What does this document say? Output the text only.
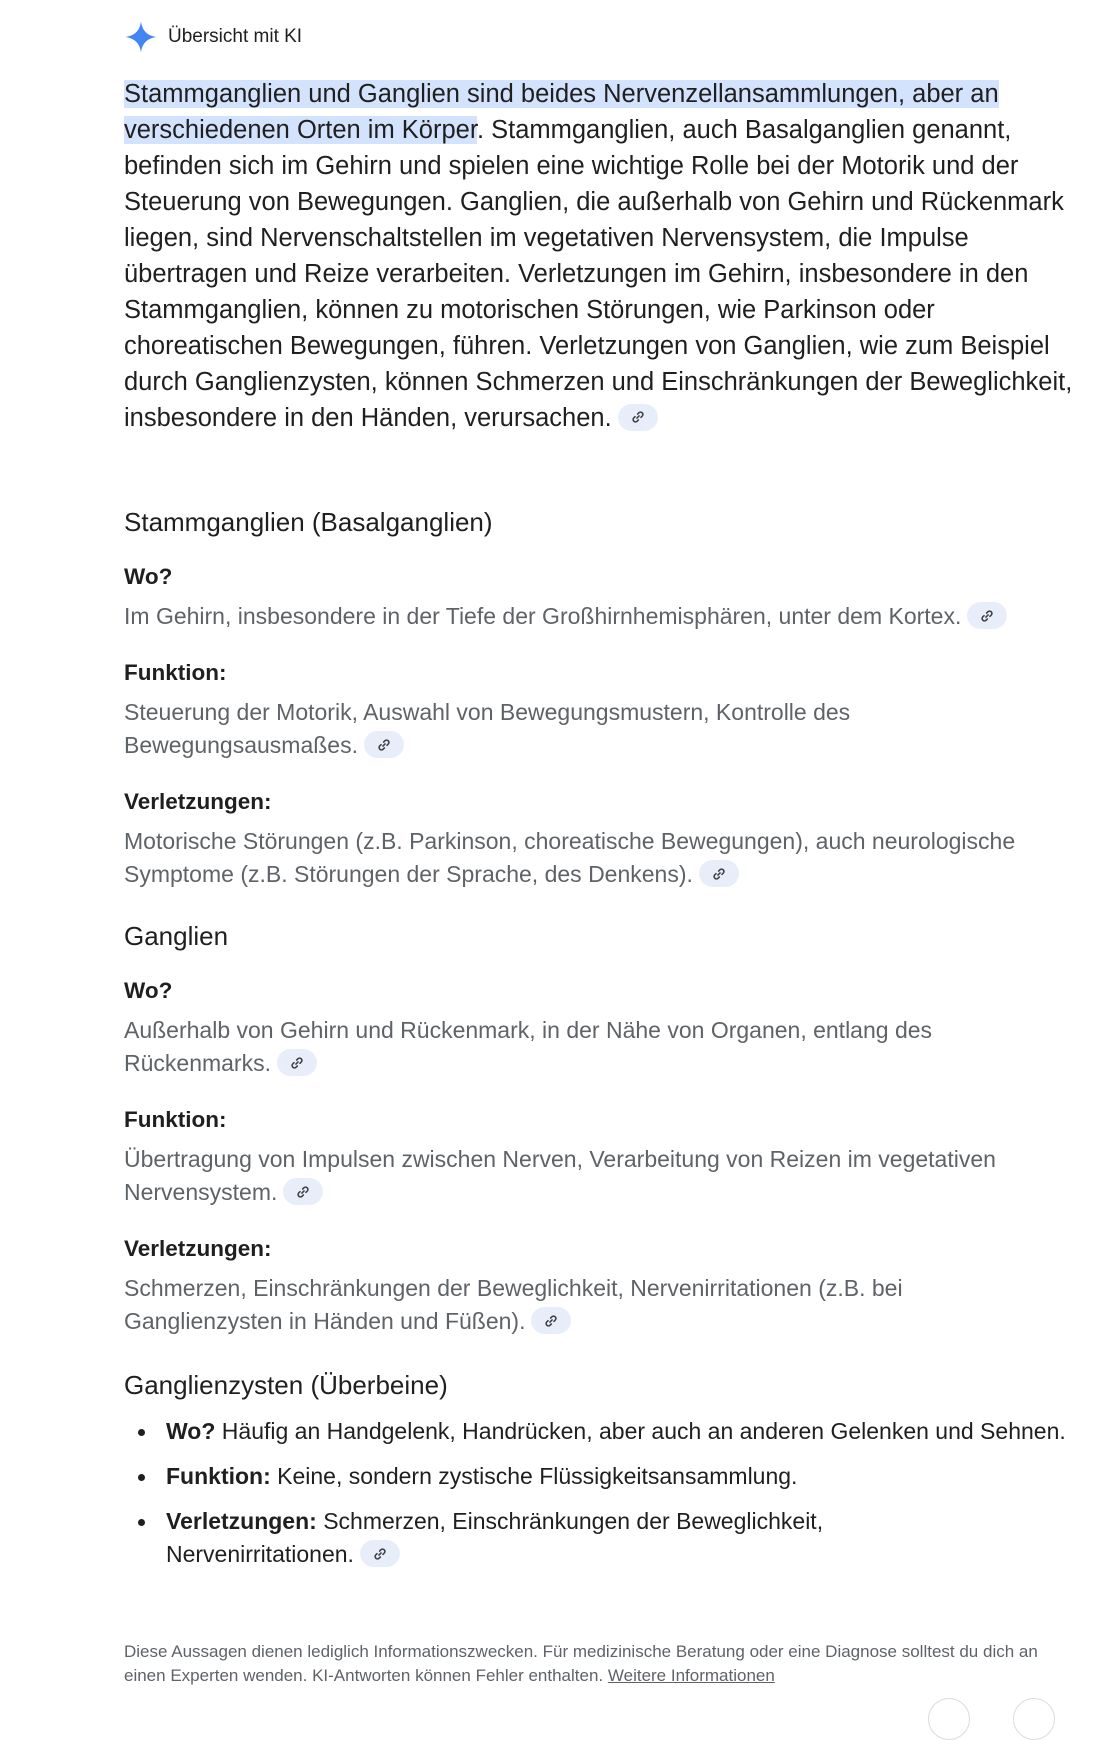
Übersicht mit KI
Stammganglien und Ganglien sind beides Nervenzellansammlungen, aber an verschiedenen Orten im Körper. Stammganglien, auch Basalganglien genannt, befinden sich im Gehirn und spielen eine wichtige Rolle bei der Motorik und der Steuerung von Bewegungen. Ganglien, die außerhalb von Gehirn und Rückenmark liegen, sind Nervenschaltstellen im vegetativen Nervensystem, die Impulse übertragen und Reize verarbeiten. Verletzungen im Gehirn, insbesondere in den Stammganglien, können zu motorischen Störungen, wie Parkinson oder choreatischen Bewegungen, führen. Verletzungen von Ganglien, wie zum Beispiel durch Ganglienzysten, können Schmerzen und Einschränkungen der Beweglichkeit, insbesondere in den Händen, verursachen.
Stammganglien (Basalganglien)
Wo?
Im Gehirn, insbesondere in der Tiefe der Großhirnhemisphären, unter dem Kortex.
Funktion:
Steuerung der Motorik, Auswahl von Bewegungsmustern, Kontrolle des Bewegungsausmaßes.
Verletzungen:
Motorische Störungen (z.B. Parkinson, choreatische Bewegungen), auch neurologische Symptome (z.B. Störungen der Sprache, des Denkens).
Ganglien
Wo?
Außerhalb von Gehirn und Rückenmark, in der Nähe von Organen, entlang des Rückenmarks.
Funktion:
Übertragung von Impulsen zwischen Nerven, Verarbeitung von Reizen im vegetativen Nervensystem.
Verletzungen:
Schmerzen, Einschränkungen der Beweglichkeit, Nervenirritationen (z.B. bei Ganglienzysten in Händen und Füßen).
Ganglienzysten (Überbeine)
Wo? Häufig an Handgelenk, Handrücken, aber auch an anderen Gelenken und Sehnen.
Funktion: Keine, sondern zystische Flüssigkeitsansammlung.
Verletzungen: Schmerzen, Einschränkungen der Beweglichkeit, Nervenirritationen.
Diese Aussagen dienen lediglich Informationszwecken. Für medizinische Beratung oder eine Diagnose solltest du dich an einen Experten wenden. KI-Antworten können Fehler enthalten. Weitere Informationen
